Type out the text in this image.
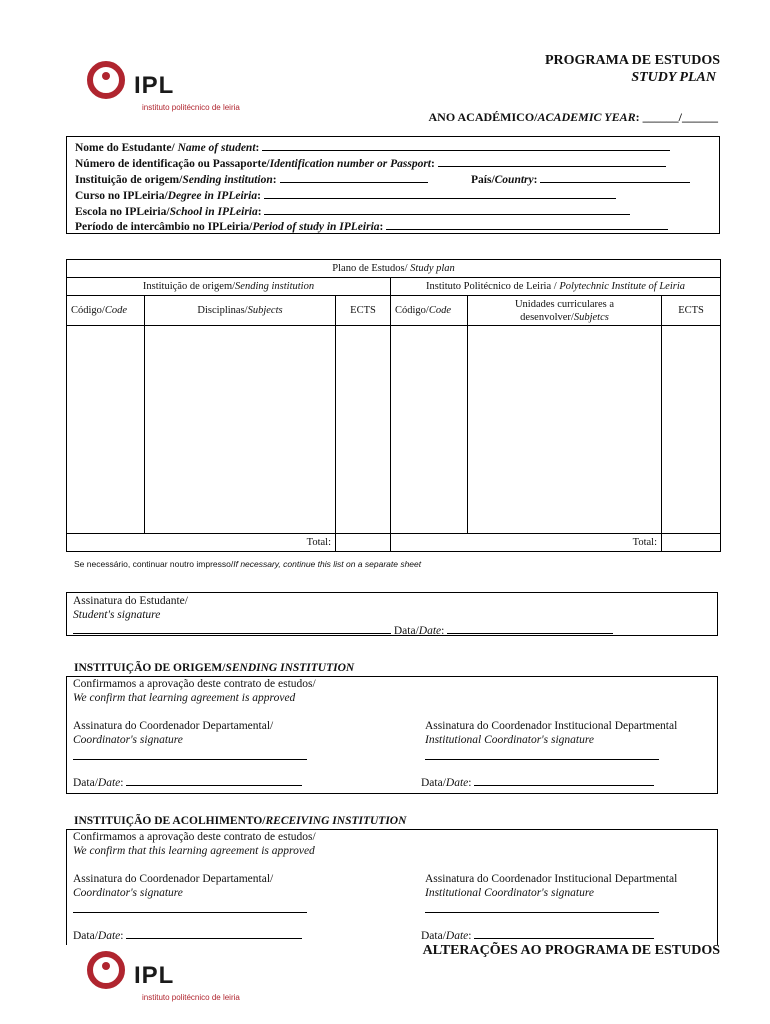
IPL
instituto politécnico de leiria
PROGRAMA DE ESTUDOS
STUDY PLAN
ANO ACADÉMICO/ACADEMIC YEAR: ______/______
Nome do Estudante/ Name of student:
Número de identificação ou Passaporte/Identification number or Passport:
Instituição de origem/Sending institution:	País/Country:
Curso no IPLeiria/Degree in IPLeiria:
Escola no IPLeiria/School in IPLeiria:
Período de intercâmbio no IPLeiria/Period of study in IPLeiria:
Plano de Estudos/ Study plan					
Instituição de origem/Sending institution			Instituto Politécnico de Leiria / Polytechnic Institute of Leiria		
Código/Code	Disciplinas/Subjects	ECTS	Código/Code	Unidades curriculares a desenvolver/Subjetcs	ECTS

Total:			Total:		
Se necessário, continuar noutro impresso/If necessary, continue this list on a separate sheet
Assinatura do Estudante/
Student's signature
Data/Date:
INSTITUIÇÃO DE ORIGEM/SENDING INSTITUTION
Confirmamos a aprovação deste contrato de estudos/
We confirm that learning agreement is approved
Assinatura do Coordenador Departamental/
Coordinator's signature
Assinatura do Coordenador Institucional Departmental
Institutional Coordinator's signature
Data/Date:	Data/Date:
INSTITUIÇÃO DE ACOLHIMENTO/RECEIVING INSTITUTION
Confirmamos a aprovação deste contrato de estudos/
We confirm that this learning agreement is approved
Assinatura do Coordenador Departamental/
Coordinator's signature
Assinatura do Coordenador Institucional Departmental
Institutional Coordinator's signature
Data/Date:	Data/Date:
ALTERAÇÕES AO PROGRAMA DE ESTUDOS
IPL
instituto politécnico de leiria
